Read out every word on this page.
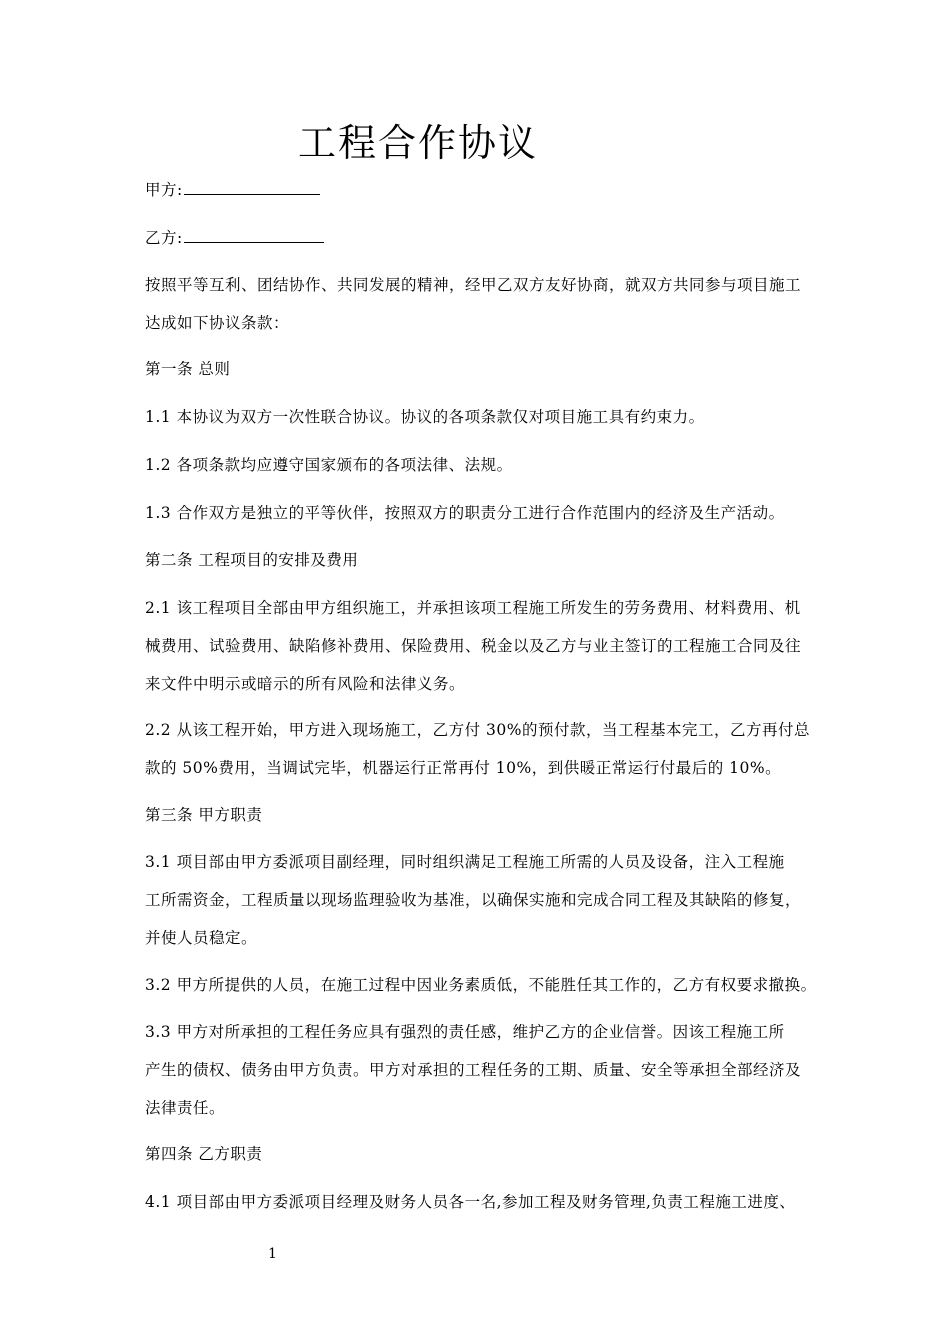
工程合作协议

甲方:

乙方:

按照平等互利、团结协作、共同发展的精神，经甲乙双方友好协商，就双方共同参与项目施工

达成如下协议条款：

第一条 总则

1.1 本协议为双方一次性联合协议。协议的各项条款仅对项目施工具有约束力。

1.2 各项条款均应遵守国家颁布的各项法律、法规。

1.3 合作双方是独立的平等伙伴，按照双方的职责分工进行合作范围内的经济及生产活动。

第二条 工程项目的安排及费用

2.1 该工程项目全部由甲方组织施工，并承担该项工程施工所发生的劳务费用、材料费用、机

械费用、试验费用、缺陷修补费用、保险费用、税金以及乙方与业主签订的工程施工合同及往

来文件中明示或暗示的所有风险和法律义务。

2.2 从该工程开始，甲方进入现场施工，乙方付 30%的预付款，当工程基本完工，乙方再付总

款的 50%费用，当调试完毕，机器运行正常再付 10%，到供暖正常运行付最后的 10%。

第三条 甲方职责

3.1 项目部由甲方委派项目副经理，同时组织满足工程施工所需的人员及设备，注入工程施

工所需资金，工程质量以现场监理验收为基准，以确保实施和完成合同工程及其缺陷的修复，

并使人员稳定。

3.2 甲方所提供的人员，在施工过程中因业务素质低，不能胜任其工作的，乙方有权要求撤换。

3.3 甲方对所承担的工程任务应具有强烈的责任感，维护乙方的企业信誉。因该工程施工所

产生的债权、债务由甲方负责。甲方对承担的工程任务的工期、质量、安全等承担全部经济及

法律责任。

第四条 乙方职责

4.1 项目部由甲方委派项目经理及财务人员各一名,参加工程及财务管理,负责工程施工进度、

1
